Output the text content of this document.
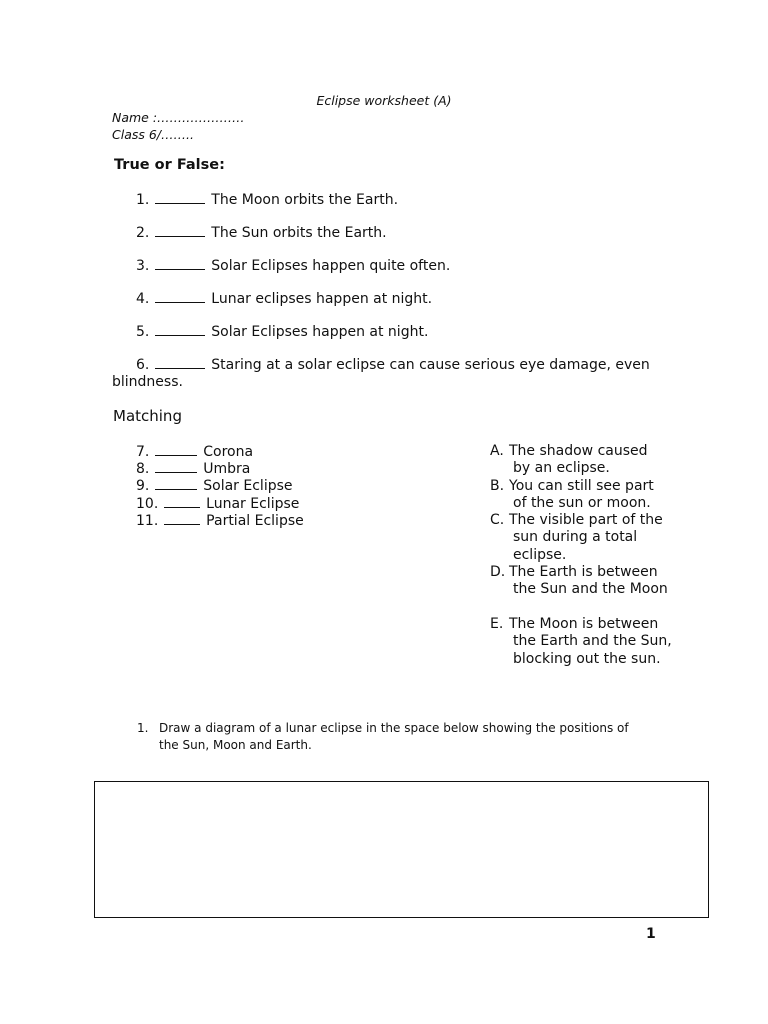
Eclipse worksheet (A)
Name :…………………
Class 6/……..
True or False:
1.	The Moon orbits the Earth.
2.	The Sun orbits the Earth.
3.	Solar Eclipses happen quite often.
4.	Lunar eclipses happen at night.
5.	Solar Eclipses happen at night.
6.	Staring at a solar eclipse can cause serious eye damage, even
blindness.
Matching
7.	Corona
8.	Umbra
9.	Solar Eclipse
10.	Lunar Eclipse
11.	Partial Eclipse
A. The shadow caused
by an eclipse.
B. You can still see part
of the sun or moon.
C. The visible part of the
sun during a total eclipse.
D. The Earth is between
the Sun and the Moon
E. The Moon is between
the Earth and the Sun, blocking out the sun.
1. Draw a diagram of a lunar eclipse in the space below showing the positions of
the Sun, Moon and Earth.
1
